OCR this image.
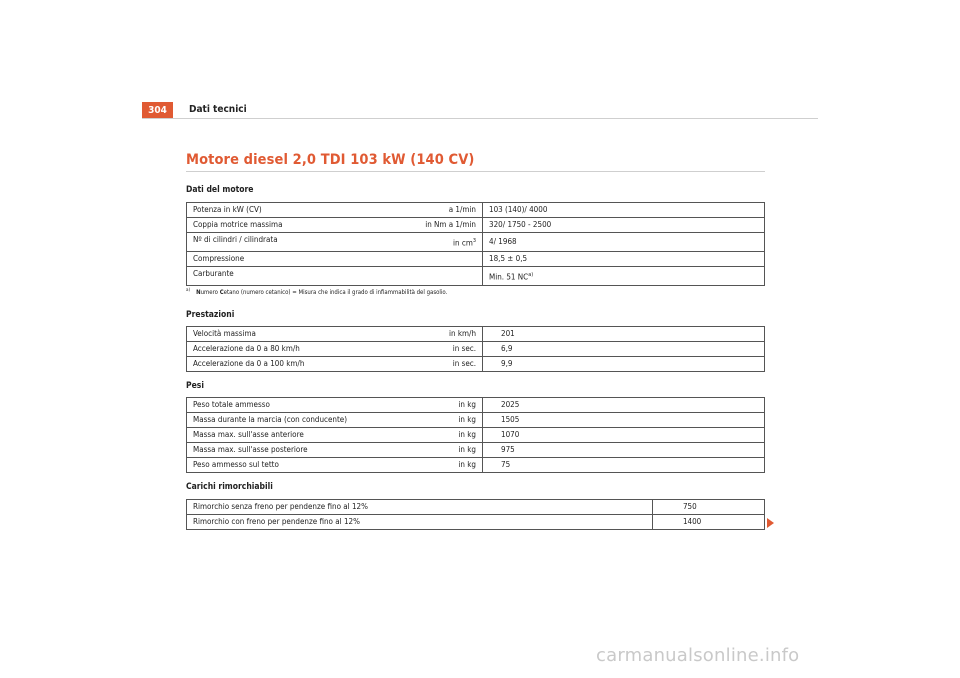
304	Dati tecnici
Motore diesel 2,0 TDI 103 kW (140 CV)
Dati del motore
Potenza in kW (CV)	a 1/min	103 (140)/ 4000
Coppia motrice massima	in Nm a 1/min	320/ 1750 - 2500
Nº di cilindri / cilindrata	in $cm^3$	4/ 1968
Compressione		18,5 ± 0,5
Carburante		Min. 51 NC$^{a)}$
$^{a)}$ Numero Cetano (numero cetanico) = Misura che indica il grado di infiammabilità del gasolio.
Prestazioni
Velocità massima	in km/h	201
Accelerazione da 0 a 80 km/h	in sec.	6,9
Accelerazione da 0 a 100 km/h	in sec.	9,9
Pesi
Peso totale ammesso	in kg	2025
Massa durante la marcia (con conducente)	in kg	1505
Massa max. sull'asse anteriore	in kg	1070
Massa max. sull'asse posteriore	in kg	975
Peso ammesso sul tetto	in kg	75
Carichi rimorchiabili
Rimorchio senza freno per pendenze fino al 12%	750
Rimorchio con freno per pendenze fino al 12%	1400
carmanualsonline.info
